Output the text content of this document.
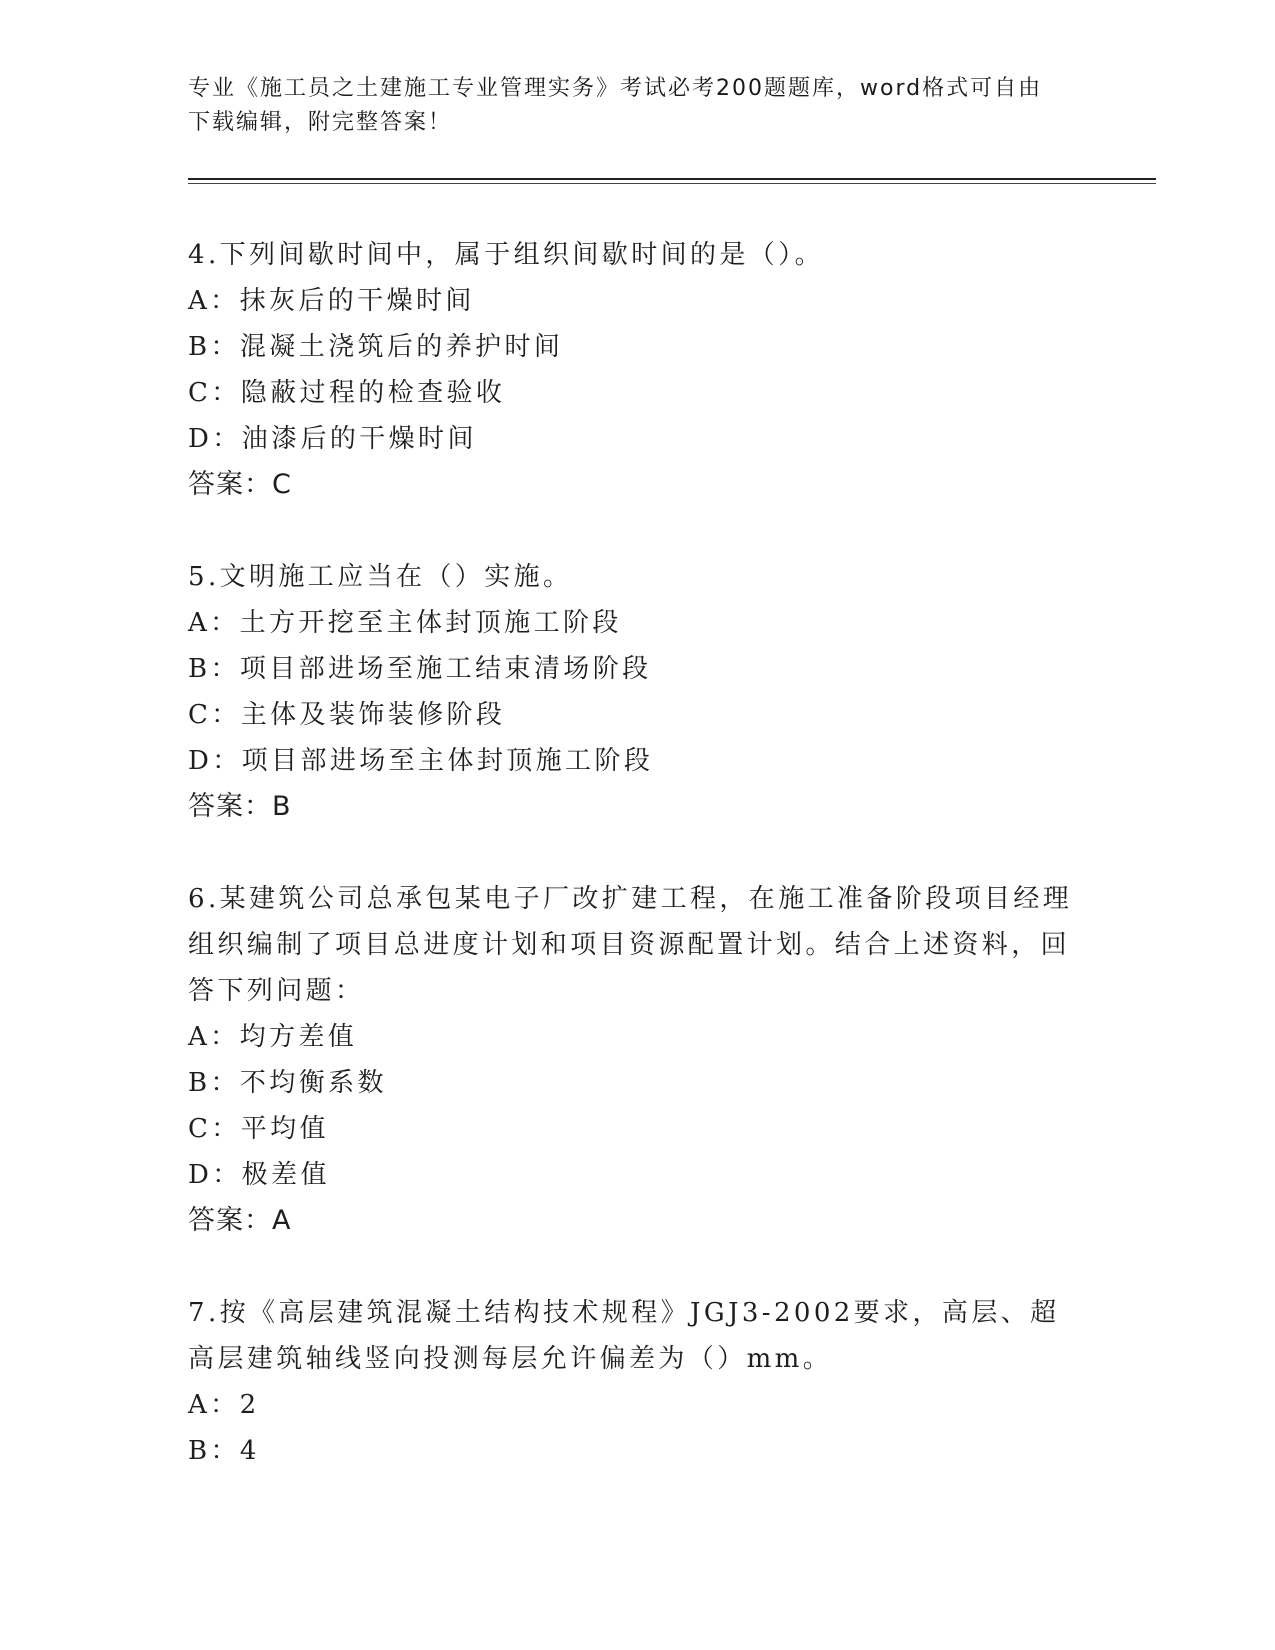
专业《施工员之土建施工专业管理实务》考试必考200题题库，word格式可自由
下载编辑，附完整答案！

4.下列间歇时间中，属于组织间歇时间的是（）。

A：抹灰后的干燥时间

B：混凝土浇筑后的养护时间

C：隐蔽过程的检查验收

D：油漆后的干燥时间

答案：C

5.文明施工应当在（）实施。

A：土方开挖至主体封顶施工阶段

B：项目部进场至施工结束清场阶段

C：主体及装饰装修阶段

D：项目部进场至主体封顶施工阶段

答案：B

6.某建筑公司总承包某电子厂改扩建工程，在施工准备阶段项目经理组织编制了项目总进度计划和项目资源配置计划。结合上述资料，回答下列问题：

A：均方差值

B：不均衡系数

C：平均值

D：极差值

答案：A

7.按《高层建筑混凝土结构技术规程》JGJ3-2002要求，高层、超高层建筑轴线竖向投测每层允许偏差为（）mm。

A：2

B：4
